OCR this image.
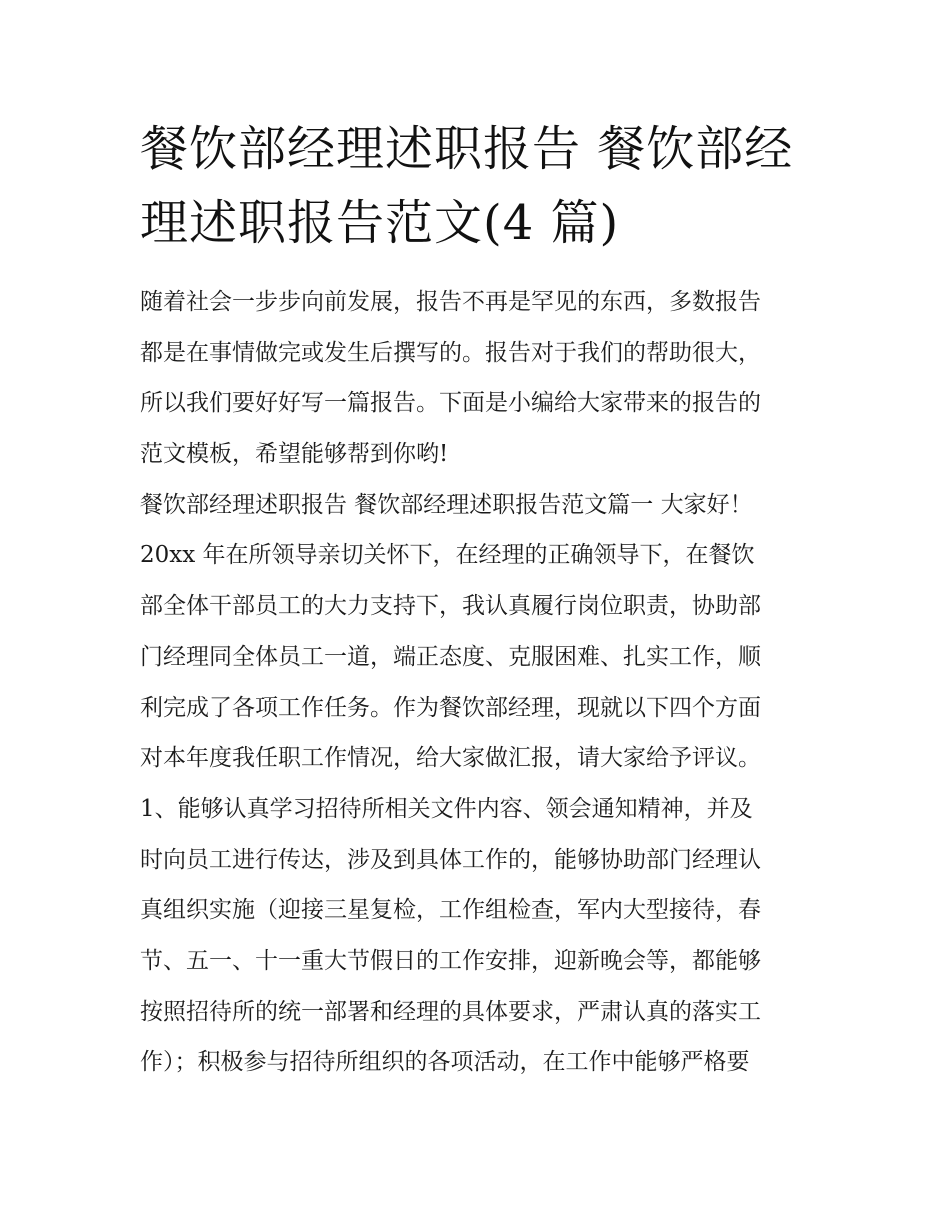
餐饮部经理述职报告 餐饮部经
理述职报告范文(4 篇)
随着社会一步步向前发展，报告不再是罕见的东西，多数报告
都是在事情做完或发生后撰写的。报告对于我们的帮助很大，
所以我们要好好写一篇报告。下面是小编给大家带来的报告的
范文模板，希望能够帮到你哟!
餐饮部经理述职报告 餐饮部经理述职报告范文篇一 大家好！
20xx 年在所领导亲切关怀下，在经理的正确领导下，在餐饮
部全体干部员工的大力支持下，我认真履行岗位职责，协助部
门经理同全体员工一道，端正态度、克服困难、扎实工作，顺
利完成了各项工作任务。作为餐饮部经理，现就以下四个方面
对本年度我任职工作情况，给大家做汇报，请大家给予评议。
1、能够认真学习招待所相关文件内容、领会通知精神，并及
时向员工进行传达，涉及到具体工作的，能够协助部门经理认
真组织实施（迎接三星复检，工作组检查，军内大型接待，春
节、五一、十一重大节假日的工作安排，迎新晚会等，都能够
按照招待所的统一部署和经理的具体要求，严肃认真的落实工
作）；积极参与招待所组织的各项活动，在工作中能够严格要
